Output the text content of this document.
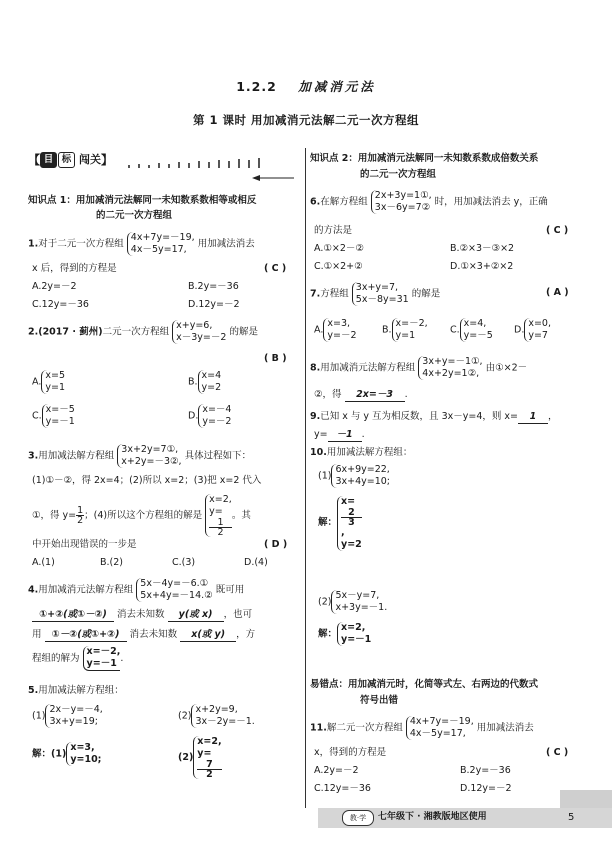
1.2.2 加减消元法
第 1 课时 用加减消元法解二元一次方程组
【 目 标 闯关】
知识点 1：用加减消元法解同一未知数系数相等或相反
的二元一次方程组
1.对于二元一次方程组
4x+7y=－19,
4x－5y=17,	用加减法消去
x 后，得到的方程是	( C )
A.2y=－2	B.2y=－36
C.12y=－36	D.12y=－2
2.(2017 · 蓟州)二元一次方程组
x+y=6,
x－3y=－2 的解是
( B )
A.
x=5
y=1	B.
x=4
y=2
C.
x=－5
y=－1	D.
x=－4
y=－2
3.用加减法解方程组
3x+2y=7①,
x+2y=－3②, 具体过程如下：
(1)①－②，得 2x=4；(2)所以 x=2；(3)把 x=2 代入
①，得 $y= \frac{1}{2}$ ；(4)所以这个方程组的解是
x=2,
y=
1
2
。其
中开始出现错误的一步是	( D )
A.(1)	B.(2)	C.(3)	D.(4)
4.用加减消元法解方程组
5x－4y=－6.①
5x+4y=－14.② 既可用
①+②(或①－②) 消去未知数 y(或 x) ，也可
用 ①－②(或①+②) 消去未知数 x(或 y) ，方
程组的解为
x=－2,
y=－1 .
5.用加减法解方程组：
(1)
2x－y=－4,
3x+y=19;	(2)
x+2y=9,
3x－2y=－1.
解：(1)
x=3,
y=10;	(2)
x=2,
y=
7
2
知识点 2：用加减消元法解同一未知数系数成倍数关系
的二元一次方程组
6.在解方程组
2x+3y=1①,
3x－6y=7② 时，用加减法消去 y，正确
的方法是	( C )
A.①×2－②	B.②×3－③×2
C.①×2+②	D.①×3+②×2
7.方程组
3x+y=7,
5x－8y=31 的解是	( A )
A.
x=3,
y=－2	B.
x=－2,
y=1	C.
x=4,
y=－5 D.
x=0,
y=7
8.用加减消元法解方程组
3x+y=－1①,
4x+2y=1②, 由①×2－
②，得 2x=－3 .
9.已知 x 与 y 互为相反数，且 3x－y=4，则 x= 1 ，
y= －1 .
10.用加减法解方程组：
(1)
6x+9y=22,
3x+4y=10;
解：
x=
2
3
,
y=2
(2)
5x－y=7,
x+3y=－1.
解：
x=2,
y=－1
易错点：用加减消元时，化简等式左、右两边的代数式
符号出错
11.解二元一次方程组
4x+7y=－19,
4x－5y=17,	用加减法消去
x，得到的方程是	( C )
A.2y=－2	B.2y=－36
C.12y=－36	D.12y=－2
教·学	七年级下 · 湘教版地区使用	5
